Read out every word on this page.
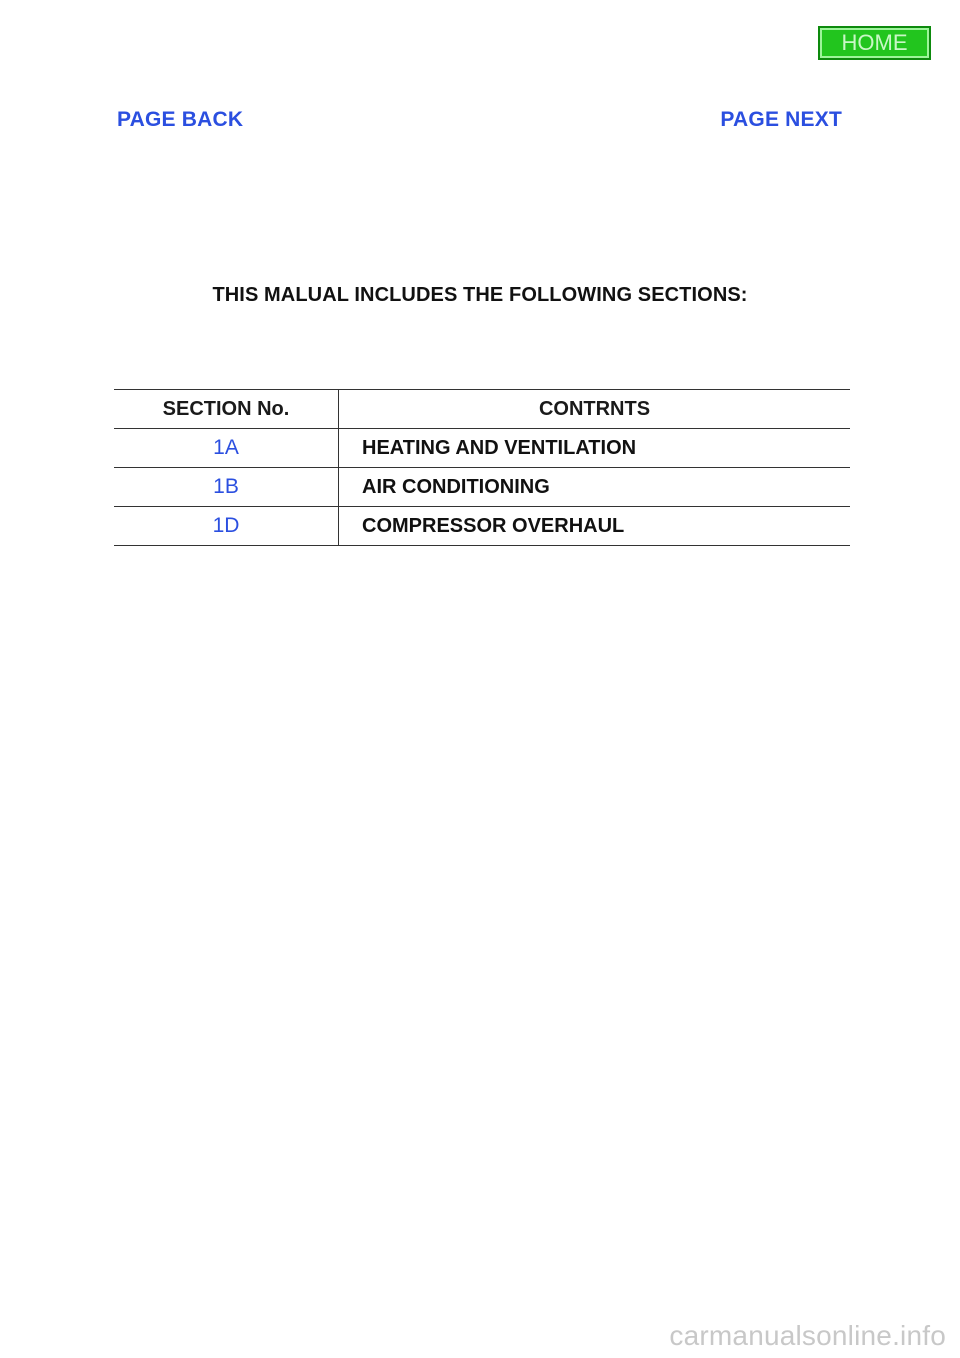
HOME
PAGE BACK	PAGE NEXT
THIS MALUAL INCLUDES THE FOLLOWING SECTIONS:
SECTION No.	CONTRNTS
1A	HEATING AND VENTILATION
1B	AIR CONDITIONING
1D	COMPRESSOR OVERHAUL
carmanualsonline.info
